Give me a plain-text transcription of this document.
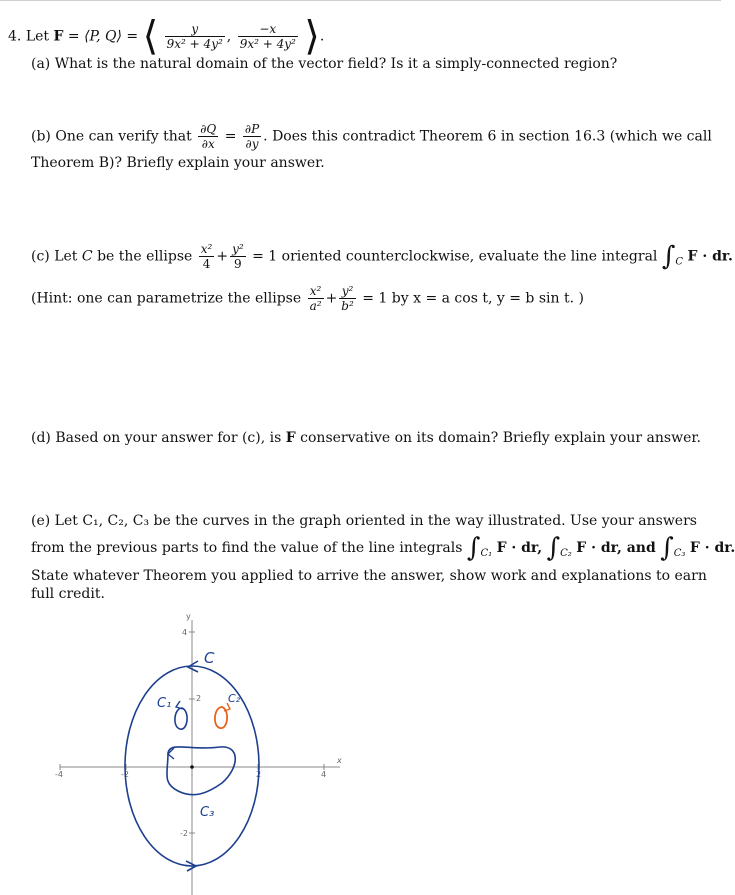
4. Let F = ⟨P, Q⟩ = ⟨ $\frac{y}{\text{9x² + 4y²}}$ , $\frac{-x}{\text{9x² + 4y²}}$ ⟩.
(a) What is the natural domain of the vector field? Is it a simply-connected region?
(b) One can verify that $\frac{\partial Q}{\partial x} = \frac{\partial P}{\partial y}$ . Does this contradict Theorem 6 in section 16.3 (which we call
Theorem B)? Briefly explain your answer.
(c) Let C be the ellipse $\frac{\text{x²}}{4} + \frac{\text{y²}}{9} = 1$ oriented counterclockwise, evaluate the line integral $\int_C$ F · dr.
(Hint: one can parametrize the ellipse $\frac{\text{x²}}{\text{a²}} + \frac{\text{y²}}{\text{b²}} = 1$ by x = a cos t, y = b sin t. )
(d) Based on your answer for (c), is F conservative on its domain? Briefly explain your answer.
(e) Let C₁, C₂, C₃ be the curves in the graph oriented in the way illustrated. Use your answers
from the previous parts to find the value of the line integrals $\int_{C_1}$ F · dr, $\int_{C_2}$ F · dr, and $\int_{C_3}$ F · dr.
State whatever Theorem you applied to arrive the answer, show work and explanations to earn
full credit.
y
4
2
-2
-4	-2	2	4
x
C
C₁	C₂
C₃
